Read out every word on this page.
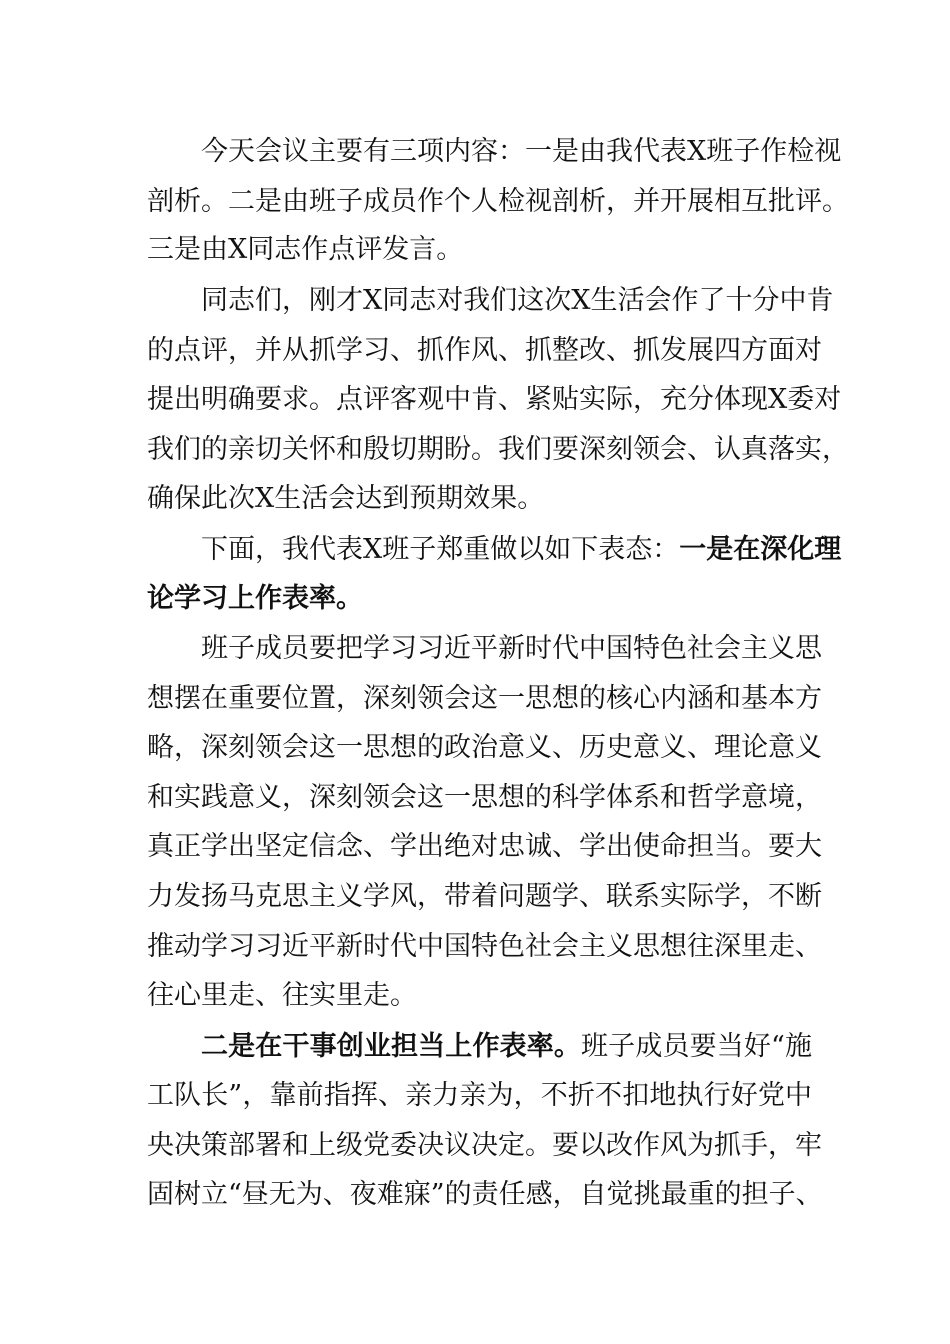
今天会议主要有三项内容：一是由我代表X班子作检视
剖析。二是由班子成员作个人检视剖析，并开展相互批评。
三是由X同志作点评发言。
同志们，刚才X同志对我们这次X生活会作了十分中肯
的点评，并从抓学习、抓作风、抓整改、抓发展四方面对
提出明确要求。点评客观中肯、紧贴实际，充分体现X委对
我们的亲切关怀和殷切期盼。我们要深刻领会、认真落实，
确保此次X生活会达到预期效果。
下面，我代表X班子郑重做以如下表态：一是在深化理
论学习上作表率。
班子成员要把学习习近平新时代中国特色社会主义思
想摆在重要位置，深刻领会这一思想的核心内涵和基本方
略，深刻领会这一思想的政治意义、历史意义、理论意义
和实践意义，深刻领会这一思想的科学体系和哲学意境，
真正学出坚定信念、学出绝对忠诚、学出使命担当。要大
力发扬马克思主义学风，带着问题学、联系实际学，不断
推动学习习近平新时代中国特色社会主义思想往深里走、
往心里走、往实里走。
二是在干事创业担当上作表率。班子成员要当好“施
工队长”，靠前指挥、亲力亲为，不折不扣地执行好党中
央决策部署和上级党委决议决定。要以改作风为抓手，牢
固树立“昼无为、夜难寐”的责任感，自觉挑最重的担子、
